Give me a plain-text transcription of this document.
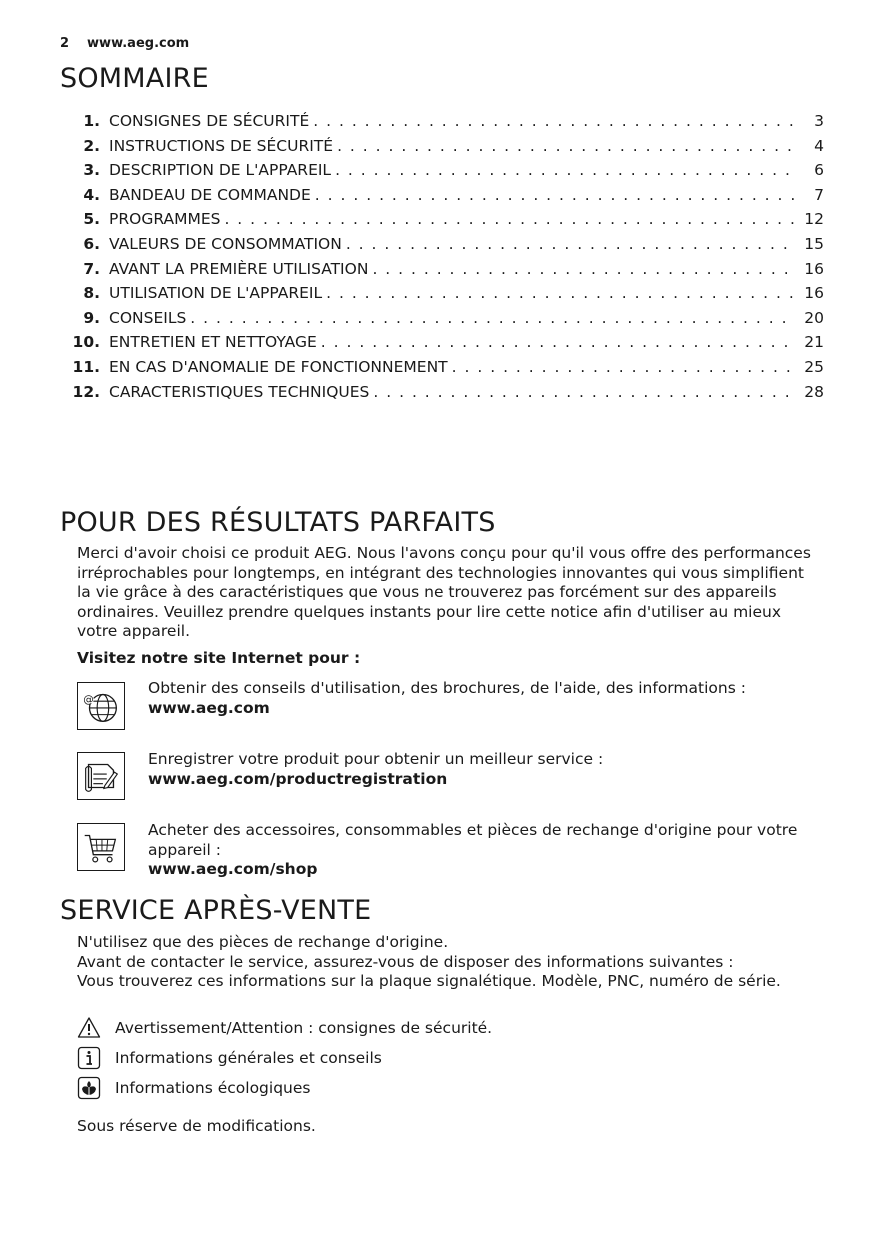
2 www.aeg.com
SOMMAIRE
1. CONSIGNES DE SÉCURITÉ . . .	3
2. INSTRUCTIONS DE SÉCURITÉ . . .	4
3. DESCRIPTION DE L'APPAREIL . . .	6
4. BANDEAU DE COMMANDE . . .	7
5. PROGRAMMES . . .	12
6. VALEURS DE CONSOMMATION . . .	15
7. AVANT LA PREMIÈRE UTILISATION . . .	16
8. UTILISATION DE L'APPAREIL . . .	16
9. CONSEILS . . .	20
10. ENTRETIEN ET NETTOYAGE . . .	21
11. EN CAS D'ANOMALIE DE FONCTIONNEMENT . . .	25
12. CARACTERISTIQUES TECHNIQUES . . .	28
POUR DES RÉSULTATS PARFAITS

Merci d'avoir choisi ce produit AEG. Nous l'avons conçu pour qu'il vous offre des performances irréprochables pour longtemps, en intégrant des technologies innovantes qui vous simplifient la vie grâce à des caractéristiques que vous ne trouverez pas forcément sur des appareils ordinaires. Veuillez prendre quelques instants pour lire cette notice afin d'utiliser au mieux votre appareil.

Visitez notre site Internet pour :

@
Obtenir des conseils d'utilisation, des brochures, de l'aide, des informations :
www.aeg.com
Enregistrer votre produit pour obtenir un meilleur service :
www.aeg.com/productregistration
Acheter des accessoires, consommables et pièces de rechange d'origine pour votre appareil :
www.aeg.com/shop
SERVICE APRÈS-VENTE
N'utilisez que des pièces de rechange d'origine.
Avant de contacter le service, assurez-vous de disposer des informations suivantes :
Vous trouverez ces informations sur la plaque signalétique. Modèle, PNC, numéro de série.
Avertissement/Attention : consignes de sécurité.
Informations générales et conseils
Informations écologiques

Sous réserve de modifications.
